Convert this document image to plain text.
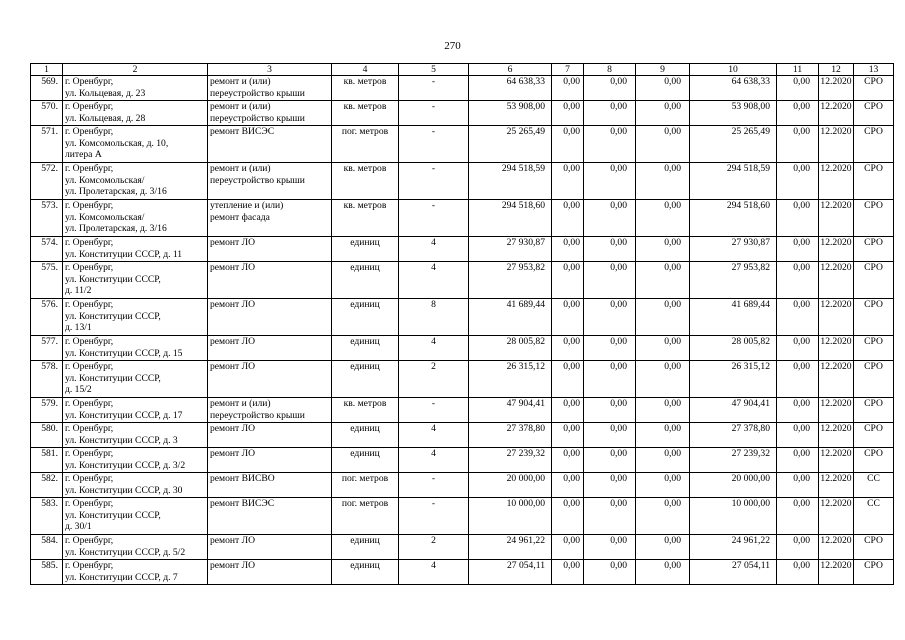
270
1	2	3	4	5	6	7	8	9	10	11	12	13
569.	г. Оренбург,
ул. Кольцевая, д. 23	ремонт и (или)
переустройство крыши	кв. метров	-	64 638,33	0,00	0,00	0,00	64 638,33	0,00	12.2020	СРО
570.	г. Оренбург,
ул. Кольцевая, д. 28	ремонт и (или)
переустройство крыши	кв. метров	-	53 908,00	0,00	0,00	0,00	53 908,00	0,00	12.2020	СРО
571.	г. Оренбург,
ул. Комсомольская, д. 10,
литера А	ремонт ВИСЭС	пог. метров	-	25 265,49	0,00	0,00	0,00	25 265,49	0,00	12.2020	СРО
572.	г. Оренбург,
ул. Комсомольская/
ул. Пролетарская, д. 3/16	ремонт и (или)
переустройство крыши	кв. метров	-	294 518,59	0,00	0,00	0,00	294 518,59	0,00	12.2020	СРО
573.	г. Оренбург,
ул. Комсомольская/
ул. Пролетарская, д. 3/16	утепление и (или)
ремонт фасада	кв. метров	-	294 518,60	0,00	0,00	0,00	294 518,60	0,00	12.2020	СРО
574.	г. Оренбург,
ул. Конституции СССР, д. 11	ремонт ЛО	единиц	4	27 930,87	0,00	0,00	0,00	27 930,87	0,00	12.2020	СРО
575.	г. Оренбург,
ул. Конституции СССР,
д. 11/2	ремонт ЛО	единиц	4	27 953,82	0,00	0,00	0,00	27 953,82	0,00	12.2020	СРО
576.	г. Оренбург,
ул. Конституции СССР,
д. 13/1	ремонт ЛО	единиц	8	41 689,44	0,00	0,00	0,00	41 689,44	0,00	12.2020	СРО
577.	г. Оренбург,
ул. Конституции СССР, д. 15	ремонт ЛО	единиц	4	28 005,82	0,00	0,00	0,00	28 005,82	0,00	12.2020	СРО
578.	г. Оренбург,
ул. Конституции СССР,
д. 15/2	ремонт ЛО	единиц	2	26 315,12	0,00	0,00	0,00	26 315,12	0,00	12.2020	СРО
579.	г. Оренбург,
ул. Конституции СССР, д. 17	ремонт и (или)
переустройство крыши	кв. метров	-	47 904,41	0,00	0,00	0,00	47 904,41	0,00	12.2020	СРО
580.	г. Оренбург,
ул. Конституции СССР, д. 3	ремонт ЛО	единиц	4	27 378,80	0,00	0,00	0,00	27 378,80	0,00	12.2020	СРО
581.	г. Оренбург,
ул. Конституции СССР, д. 3/2	ремонт ЛО	единиц	4	27 239,32	0,00	0,00	0,00	27 239,32	0,00	12.2020	СРО
582.	г. Оренбург,
ул. Конституции СССР, д. 30	ремонт ВИСВО	пог. метров	-	20 000,00	0,00	0,00	0,00	20 000,00	0,00	12.2020	СС
583.	г. Оренбург,
ул. Конституции СССР,
д. 30/1	ремонт ВИСЭС	пог. метров	-	10 000,00	0,00	0,00	0,00	10 000,00	0,00	12.2020	СС
584.	г. Оренбург,
ул. Конституции СССР, д. 5/2	ремонт ЛО	единиц	2	24 961,22	0,00	0,00	0,00	24 961,22	0,00	12.2020	СРО
585.	г. Оренбург,
ул. Конституции СССР, д. 7	ремонт ЛО	единиц	4	27 054,11	0,00	0,00	0,00	27 054,11	0,00	12.2020	СРО
